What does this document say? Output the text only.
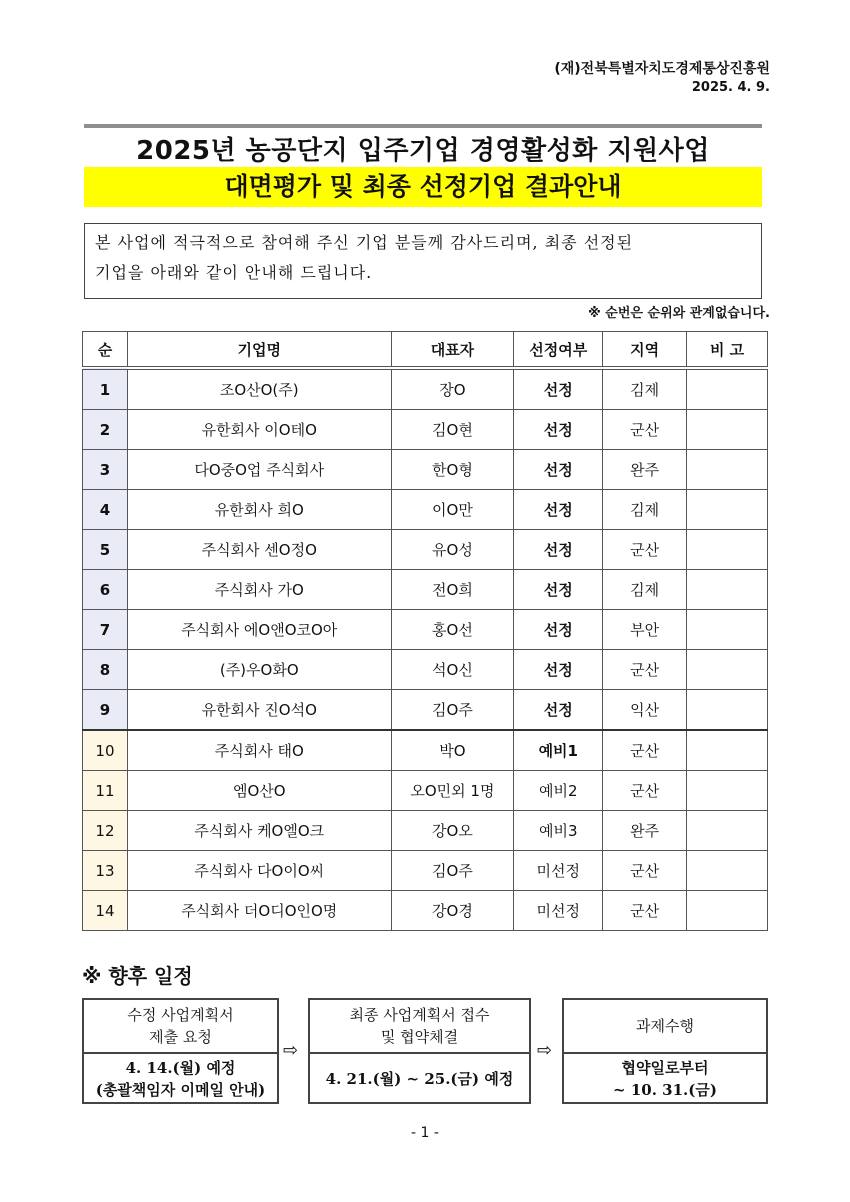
(재)전북특별자치도경제통상진흥원
2025. 4. 9.
2025년 농공단지 입주기업 경영활성화 지원사업
대면평가 및 최종 선정기업 결과안내
본 사업에 적극적으로 참여해 주신 기업 분들께 감사드리며, 최종 선정된
기업을 아래와 같이 안내해 드립니다.
※ 순번은 순위와 관계없습니다.
순	기업명	대표자	선정여부	지역	비 고
1	조O산O(주)	장O	선정	김제	
2	유한회사 이O테O	김O현	선정	군산	
3	다O중O업 주식회사	한O형	선정	완주	
4	유한회사 희O	이O만	선정	김제	
5	주식회사 센O정O	유O성	선정	군산	
6	주식회사 가O	전O희	선정	김제	
7	주식회사 에O앤O코O아	홍O선	선정	부안	
8	(주)우O화O	석O신	선정	군산	
9	유한회사 진O석O	김O주	선정	익산	
10	주식회사 태O	박O	예비1	군산	
11	엠O산O	오O민외 1명	예비2	군산	
12	주식회사 케O엘O크	강O오	예비3	완주	
13	주식회사 다O이O씨	김O주	미선정	군산	
14	주식회사 더O디O인O명	강O경	미선정	군산	
※ 향후 일정
수정 사업계획서
제출 요청
4. 14.(월) 예정
(총괄책임자 이메일 안내)
⇨
최종 사업계획서 접수
및 협약체결
4. 21.(월) ~ 25.(금) 예정
⇨
과제수행
협약일로부터
~ 10. 31.(금)
- 1 -
